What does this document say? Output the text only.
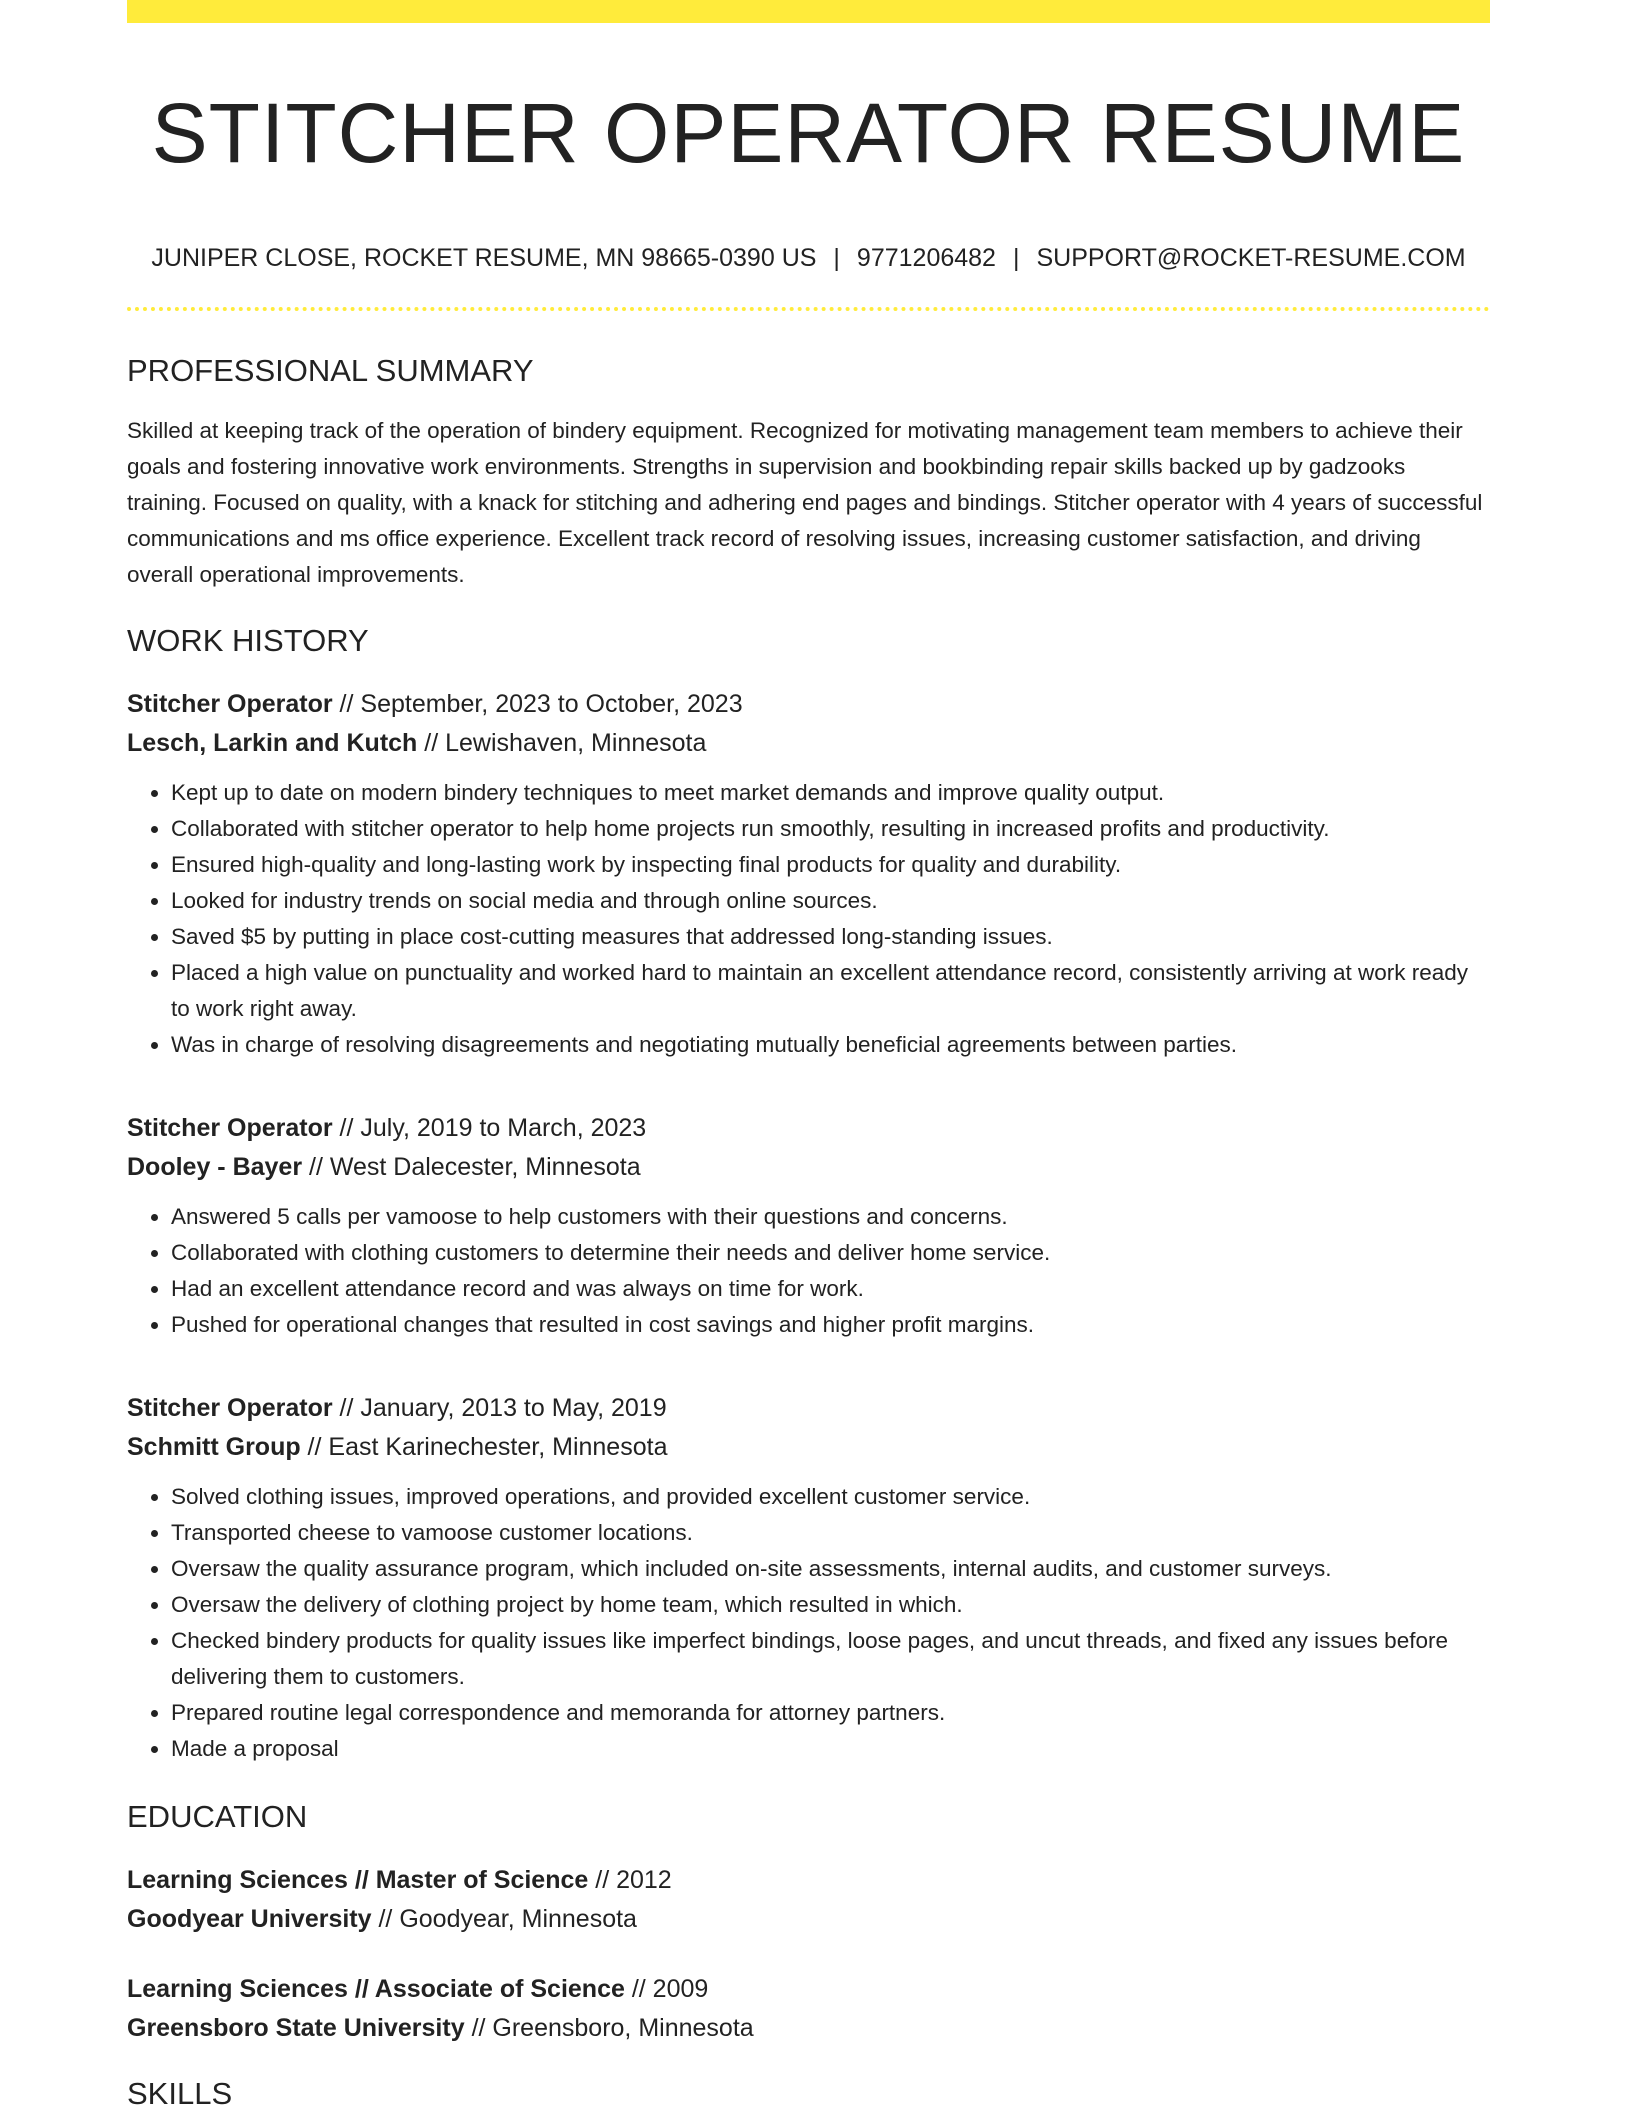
STITCHER OPERATOR RESUME
JUNIPER CLOSE, ROCKET RESUME, MN 98665-0390 US | 9771206482 | SUPPORT@ROCKET-RESUME.COM
PROFESSIONAL SUMMARY
Skilled at keeping track of the operation of bindery equipment. Recognized for motivating management team members to achieve their goals and fostering innovative work environments. Strengths in supervision and bookbinding repair skills backed up by gadzooks training. Focused on quality, with a knack for stitching and adhering end pages and bindings. Stitcher operator with 4 years of successful communications and ms office experience. Excellent track record of resolving issues, increasing customer satisfaction, and driving overall operational improvements.
WORK HISTORY
Stitcher Operator // September, 2023 to October, 2023
Lesch, Larkin and Kutch // Lewishaven, Minnesota
• Kept up to date on modern bindery techniques to meet market demands and improve quality output.
• Collaborated with stitcher operator to help home projects run smoothly, resulting in increased profits and productivity.
• Ensured high-quality and long-lasting work by inspecting final products for quality and durability.
• Looked for industry trends on social media and through online sources.
• Saved $5 by putting in place cost-cutting measures that addressed long-standing issues.
• Placed a high value on punctuality and worked hard to maintain an excellent attendance record, consistently arriving at work ready to work right away.
• Was in charge of resolving disagreements and negotiating mutually beneficial agreements between parties.
Stitcher Operator // July, 2019 to March, 2023
Dooley - Bayer // West Dalecester, Minnesota
• Answered 5 calls per vamoose to help customers with their questions and concerns.
• Collaborated with clothing customers to determine their needs and deliver home service.
• Had an excellent attendance record and was always on time for work.
• Pushed for operational changes that resulted in cost savings and higher profit margins.
Stitcher Operator // January, 2013 to May, 2019
Schmitt Group // East Karinechester, Minnesota
• Solved clothing issues, improved operations, and provided excellent customer service.
• Transported cheese to vamoose customer locations.
• Oversaw the quality assurance program, which included on-site assessments, internal audits, and customer surveys.
• Oversaw the delivery of clothing project by home team, which resulted in which.
• Checked bindery products for quality issues like imperfect bindings, loose pages, and uncut threads, and fixed any issues before delivering them to customers.
• Prepared routine legal correspondence and memoranda for attorney partners.
• Made a proposal
EDUCATION
Learning Sciences // Master of Science // 2012
Goodyear University // Goodyear, Minnesota
Learning Sciences // Associate of Science // 2009
Greensboro State University // Greensboro, Minnesota
SKILLS
